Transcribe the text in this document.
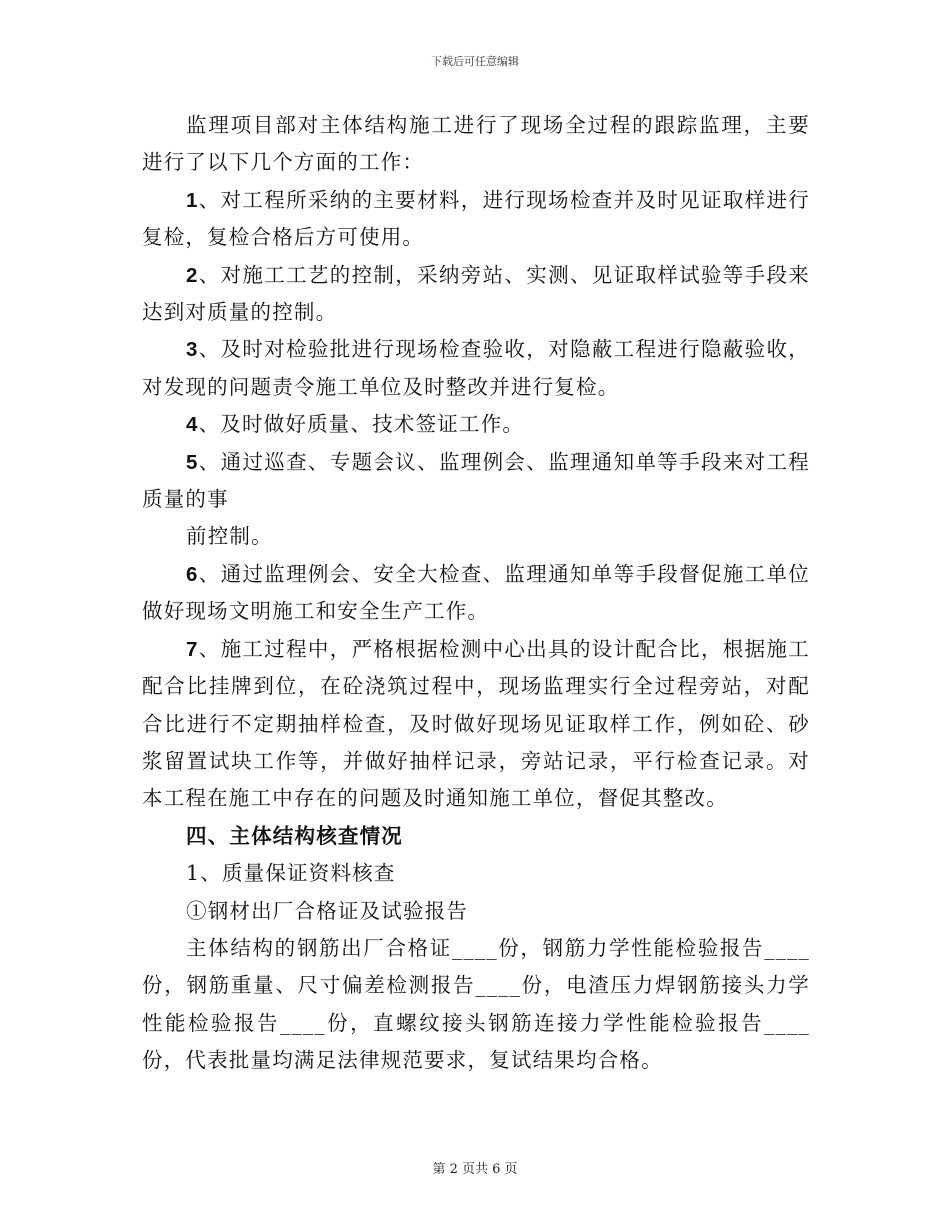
下载后可任意编辑

监理项目部对主体结构施工进行了现场全过程的跟踪监理，主要进行了以下几个方面的工作：

1、对工程所采纳的主要材料，进行现场检查并及时见证取样进行复检，复检合格后方可使用。

2、对施工工艺的控制，采纳旁站、实测、见证取样试验等手段来达到对质量的控制。

3、及时对检验批进行现场检查验收，对隐蔽工程进行隐蔽验收，对发现的问题责令施工单位及时整改并进行复检。

4、及时做好质量、技术签证工作。

5、通过巡查、专题会议、监理例会、监理通知单等手段来对工程质量的事

前控制。

6、通过监理例会、安全大检查、监理通知单等手段督促施工单位做好现场文明施工和安全生产工作。

7、施工过程中，严格根据检测中心出具的设计配合比，根据施工配合比挂牌到位，在砼浇筑过程中，现场监理实行全过程旁站，对配合比进行不定期抽样检查，及时做好现场见证取样工作，例如砼、砂浆留置试块工作等，并做好抽样记录，旁站记录，平行检查记录。对本工程在施工中存在的问题及时通知施工单位，督促其整改。

四、主体结构核查情况

1、质量保证资料核查

①钢材出厂合格证及试验报告

主体结构的钢筋出厂合格证____份，钢筋力学性能检验报告____份，钢筋重量、尺寸偏差检测报告____份，电渣压力焊钢筋接头力学性能检验报告____份，直螺纹接头钢筋连接力学性能检验报告____份，代表批量均满足法律规范要求，复试结果均合格。

第 2 页共 6 页
